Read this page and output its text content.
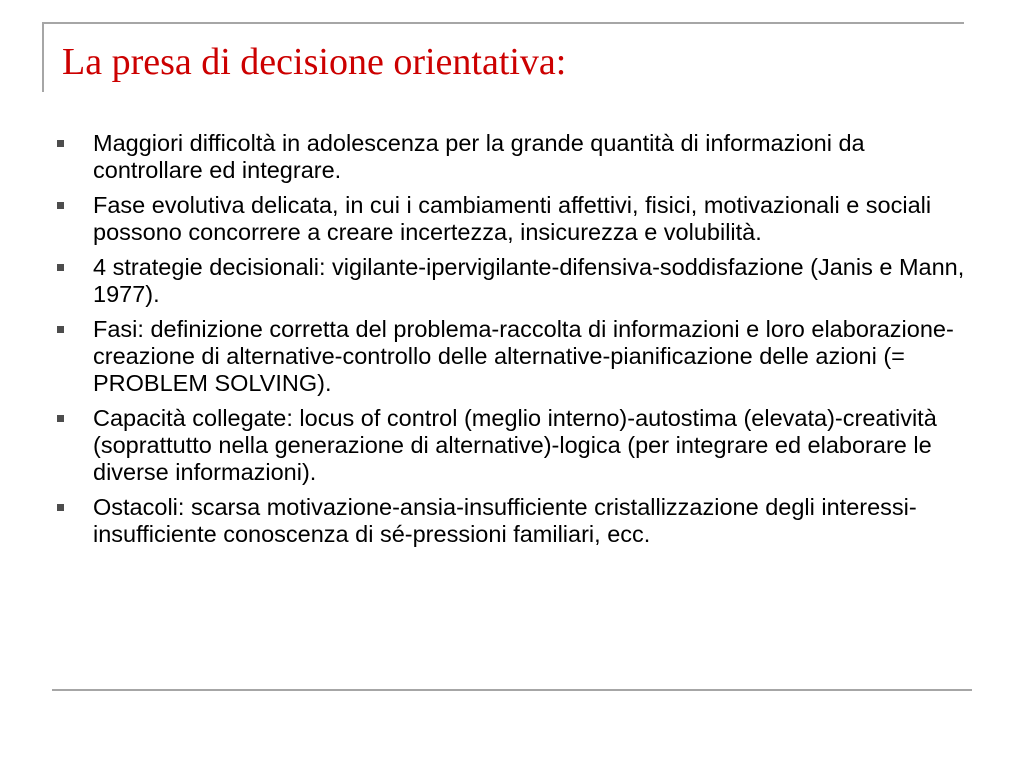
La presa di decisione orientativa:
Maggiori difficoltà in adolescenza per la grande quantità di informazioni da controllare ed integrare.
Fase evolutiva delicata, in cui i cambiamenti affettivi, fisici, motivazionali e sociali possono concorrere a creare incertezza, insicurezza e volubilità.
4 strategie decisionali: vigilante-ipervigilante-difensiva-soddisfazione (Janis e Mann, 1977).
Fasi: definizione corretta del problema-raccolta di informazioni e loro elaborazione-creazione di alternative-controllo delle alternative-pianificazione delle azioni (= PROBLEM SOLVING).
Capacità collegate: locus of control (meglio interno)-autostima (elevata)-creatività (soprattutto nella generazione di alternative)-logica (per integrare ed elaborare le diverse informazioni).
Ostacoli: scarsa motivazione-ansia-insufficiente cristallizzazione degli interessi-insufficiente conoscenza di sé-pressioni familiari, ecc.
